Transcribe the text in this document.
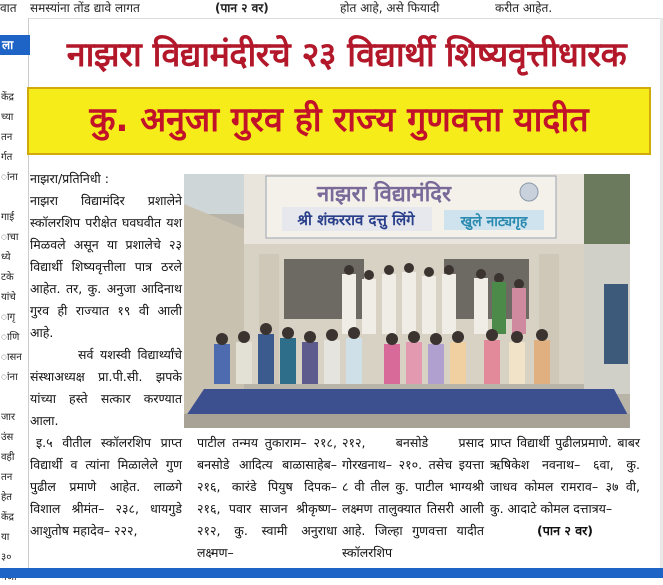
वात समस्यांना तोंड द्यावे लागत	(पान २ वर)	होत आहे, असे फियादी	करीत आहेत.
ला
केंद्र
च्या
तन
र्गत
ांना
गाई
ाचा
ध्ये
टके
यांचे
ागृ
ाणि
ासन
ांना
जार
उंस
वही
तन
हेत
केंद्र
या
३०
नाझरा विद्यामंदीरचे २३ विद्यार्थी शिष्यवृत्तीधारक
कु. अनुजा गुरव ही राज्य गुणवत्ता यादीत
नाझरा/प्रतिनिधी :
नाझरा विद्यामंदिर प्रशालेने स्कॉलरशिप परीक्षेत घवघवीत यश मिळवले असून या प्रशालेचे २३ विद्यार्थी शिष्यवृत्तीला पात्र ठरले आहेत. तर, कु. अनुजा आदिनाथ गुरव ही राज्यात १९ वी आली आहे.
सर्व यशस्वी विद्यार्थ्यांचे संस्थाअध्यक्ष प्रा.पी.सी. झपके यांच्या हस्ते सत्कार करण्यात आला.
इ.५ वीतील स्कॉलरशिप प्राप्त विद्यार्थी व त्यांना मिळालेले गुण पुढील प्रमाणे आहेत. लाळगे विशाल श्रीमंत– २३८, धायगुडे आशुतोष महादेव– २२२,
नाझरा विद्यामंदिर
श्री शंकरराव दत्तु लिंगे	खुले नाट्यगृह
पाटील तन्मय तुकाराम– २१८, बनसोडे आदित्य बाळासाहेब– २१६, कारंडे पियुष दिपक– २१६, पवार साजन श्रीकृष्ण–२१२, कु. स्वामी अनुराधा लक्ष्मण–
२१२, बनसोडे प्रसाद गोरखनाथ– २१०. तसेच इयत्ता ८ वी तील कु. पाटील भाग्यश्री लक्ष्मण तालुक्यात तिसरी आली आहे. जिल्हा गुणवत्ता यादीत स्कॉलरशिप
प्राप्त विद्यार्थी पुढीलप्रमाणे. बाबर ऋषिकेश नवनाथ– ६वा, कु. जाधव कोमल रामराव– ३७ वी, कु. आदाटे कोमल दत्तात्रय–
(पान २ वर)
